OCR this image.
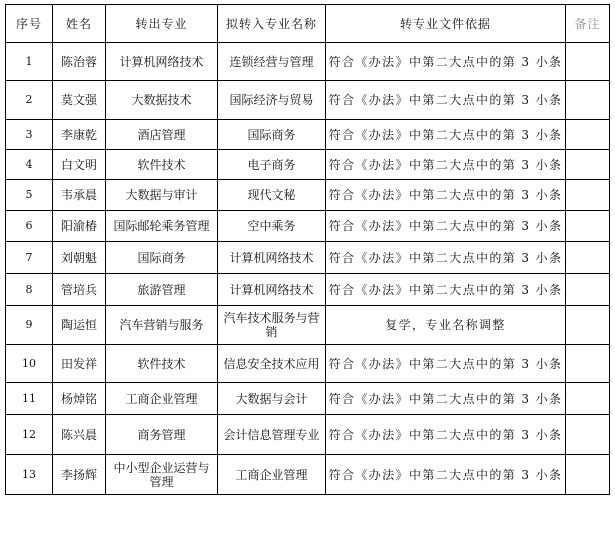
序号	姓名	转出专业	拟转入专业名称	转专业文件依据	备注
1	陈治蓉	计算机网络技术	连锁经营与管理	符合《办法》中第二大点中的第 3 小条	
2	莫文强	大数据技术	国际经济与贸易	符合《办法》中第二大点中的第 3 小条	
3	李康乾	酒店管理	国际商务	符合《办法》中第二大点中的第 3 小条	
4	白文明	软件技术	电子商务	符合《办法》中第二大点中的第 3 小条	
5	韦承晨	大数据与审计	现代文秘	符合《办法》中第二大点中的第 3 小条	
6	阳渝椿	国际邮轮乘务管理	空中乘务	符合《办法》中第二大点中的第 3 小条	
7	刘朝魁	国际商务	计算机网络技术	符合《办法》中第二大点中的第 3 小条	
8	管培兵	旅游管理	计算机网络技术	符合《办法》中第二大点中的第 3 小条	
9	陶运恒	汽车营销与服务	汽车技术服务与营销	复学，专业名称调整	
10	田发祥	软件技术	信息安全技术应用	符合《办法》中第二大点中的第 3 小条	
11	杨焯铭	工商企业管理	大数据与会计	符合《办法》中第二大点中的第 3 小条	
12	陈兴晨	商务管理	会计信息管理专业	符合《办法》中第二大点中的第 3 小条	
13	李扬辉	中小型企业运营与管理	工商企业管理	符合《办法》中第二大点中的第 3 小条	
